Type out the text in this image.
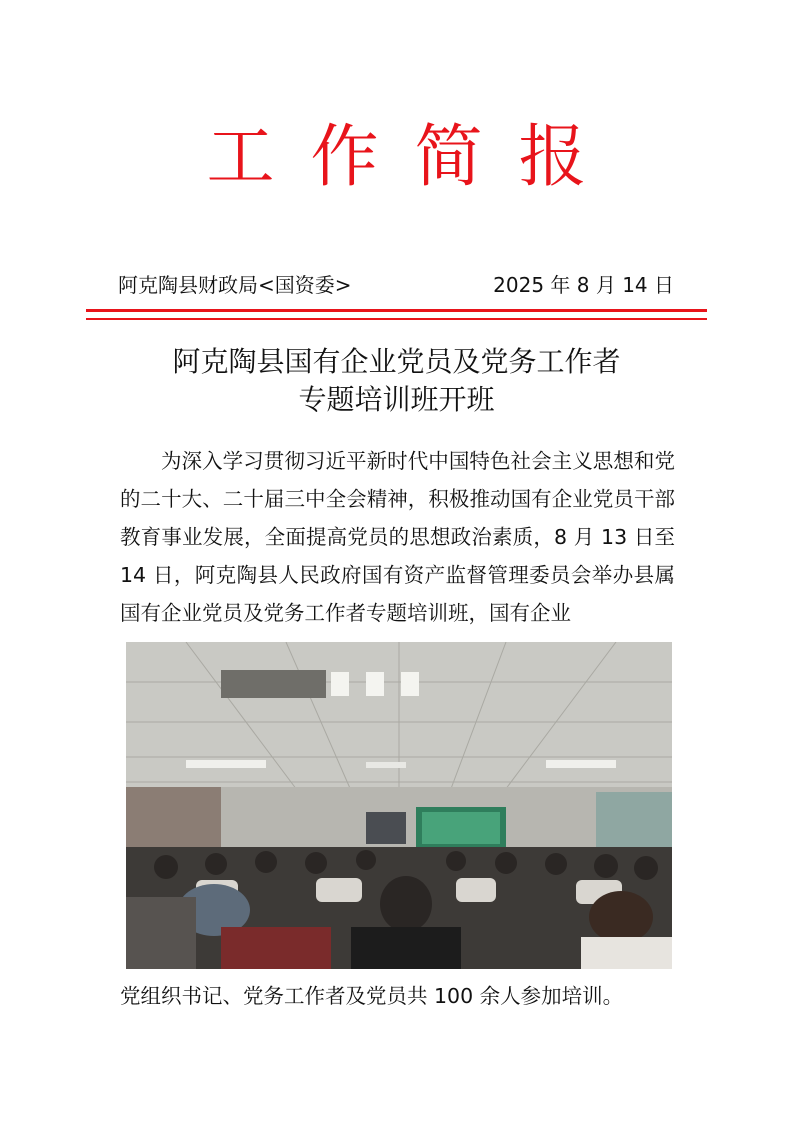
工作简报
阿克陶县财政局<国资委>	2025 年 8 月 14 日
阿克陶县国有企业党员及党务工作者
专题培训班开班

为深入学习贯彻习近平新时代中国特色社会主义思想和党的二十大、二十届三中全会精神，积极推动国有企业党员干部教育事业发展，全面提高党员的思想政治素质，8 月 13 日至 14 日，阿克陶县人民政府国有资产监督管理委员会举办县属国有企业党员及党务工作者专题培训班，国有企业

党组织书记、党务工作者及党员共 100 余人参加培训。
